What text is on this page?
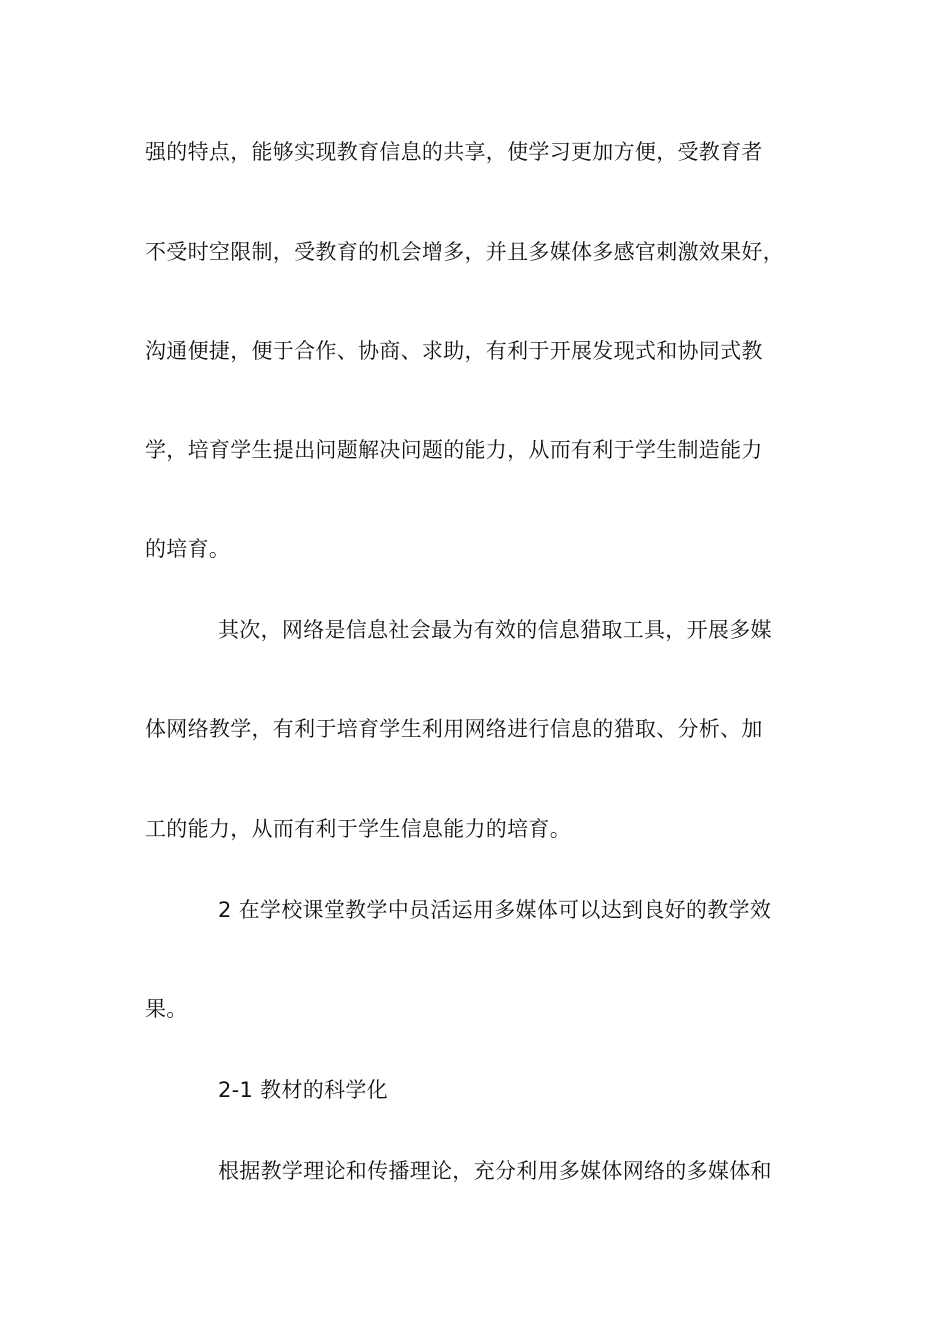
强的特点，能够实现教育信息的共享，使学习更加方便，受教育者
不受时空限制，受教育的机会增多，并且多媒体多感官刺激效果好，
沟通便捷，便于合作、协商、求助，有利于开展发现式和协同式教
学，培育学生提出问题解决问题的能力，从而有利于学生制造能力
的培育。
其次，网络是信息社会最为有效的信息猎取工具，开展多媒
体网络教学，有利于培育学生利用网络进行信息的猎取、分析、加
工的能力，从而有利于学生信息能力的培育。
2 在学校课堂教学中员活运用多媒体可以达到良好的教学效
果。
2-1 教材的科学化
根据教学理论和传播理论，充分利用多媒体网络的多媒体和
